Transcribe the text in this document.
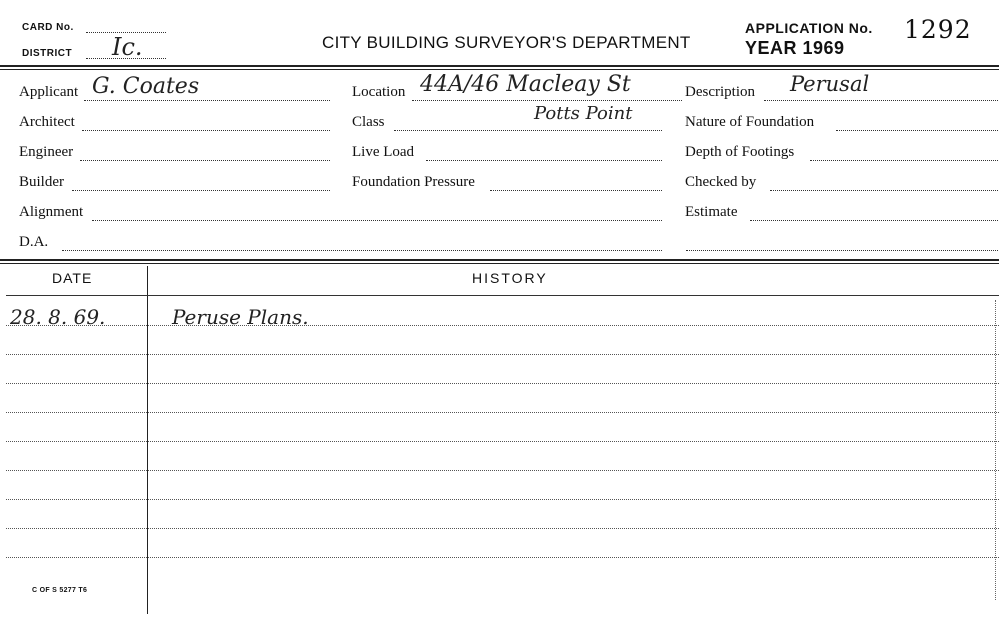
CARD No.
DISTRICT Ic.	CITY BUILDING SURVEYOR'S DEPARTMENT
APPLICATION No. 1292
YEAR 1969
Applicant G. Coates
Architect
Engineer
Builder
Alignment
D.A.
Location 44A/46 Macleay St
Potts Point
Class
Live Load
Foundation Pressure
Description Perusal
Nature of Foundation
Depth of Footings
Checked by
Estimate
DATE	HISTORY
28. 8. 69.	Peruse Plans.
C OF S 5277 T6
